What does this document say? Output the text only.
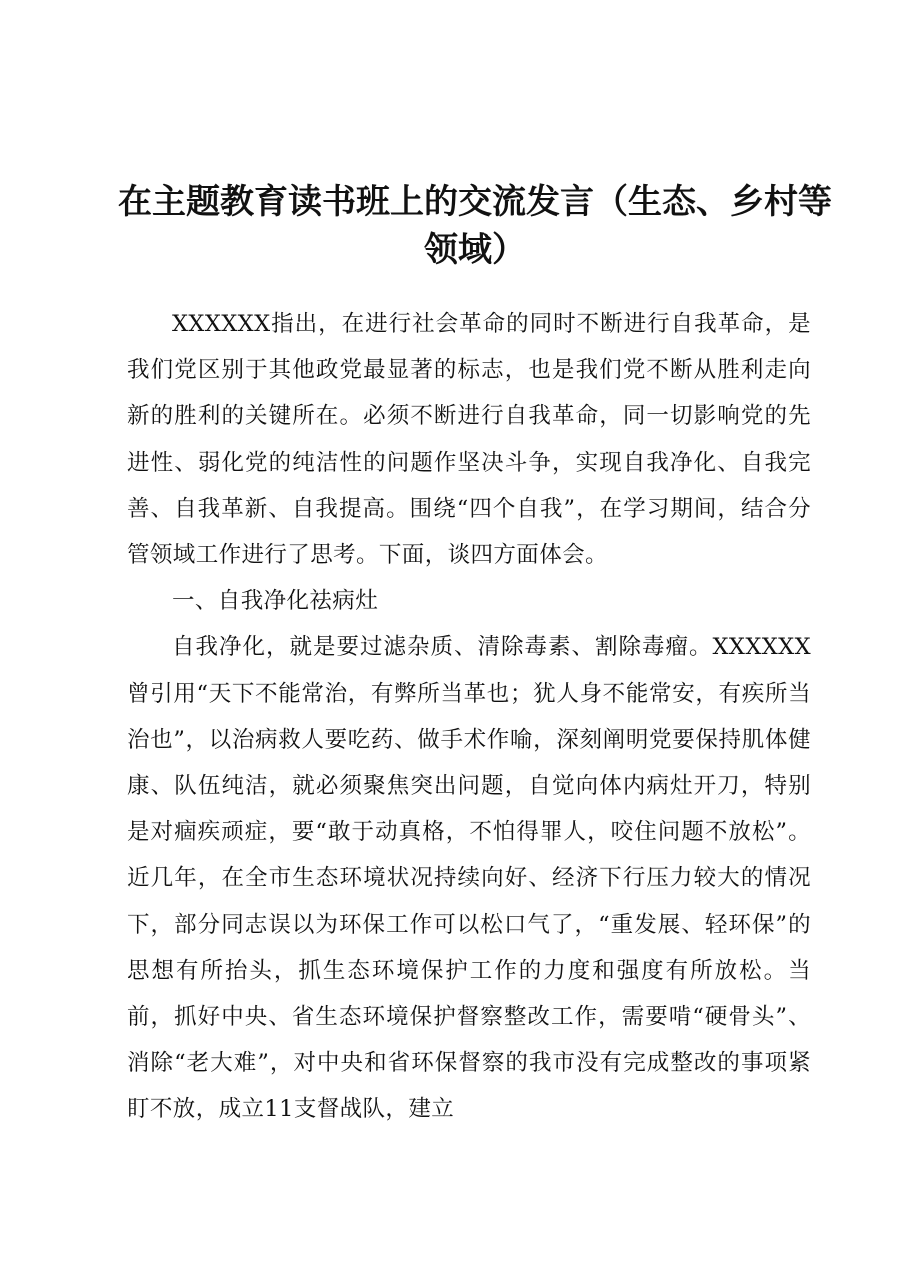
在主题教育读书班上的交流发言（生态、乡村等领域）

XXXXXX指出，在进行社会革命的同时不断进行自我革命，是我们党区别于其他政党最显著的标志，也是我们党不断从胜利走向新的胜利的关键所在。必须不断进行自我革命，同一切影响党的先进性、弱化党的纯洁性的问题作坚决斗争，实现自我净化、自我完善、自我革新、自我提高。围绕“四个自我”，在学习期间，结合分管领域工作进行了思考。下面，谈四方面体会。

一、自我净化祛病灶

自我净化，就是要过滤杂质、清除毒素、割除毒瘤。XXXXXX曾引用“天下不能常治，有弊所当革也；犹人身不能常安，有疾所当治也”，以治病救人要吃药、做手术作喻，深刻阐明党要保持肌体健康、队伍纯洁，就必须聚焦突出问题，自觉向体内病灶开刀，特别是对痼疾顽症，要“敢于动真格，不怕得罪人，咬住问题不放松”。近几年，在全市生态环境状况持续向好、经济下行压力较大的情况下，部分同志误以为环保工作可以松口气了，“重发展、轻环保”的思想有所抬头，抓生态环境保护工作的力度和强度有所放松。当前，抓好中央、省生态环境保护督察整改工作，需要啃“硬骨头”、消除“老大难”，对中央和省环保督察的我市没有完成整改的事项紧盯不放，成立11支督战队，建立
